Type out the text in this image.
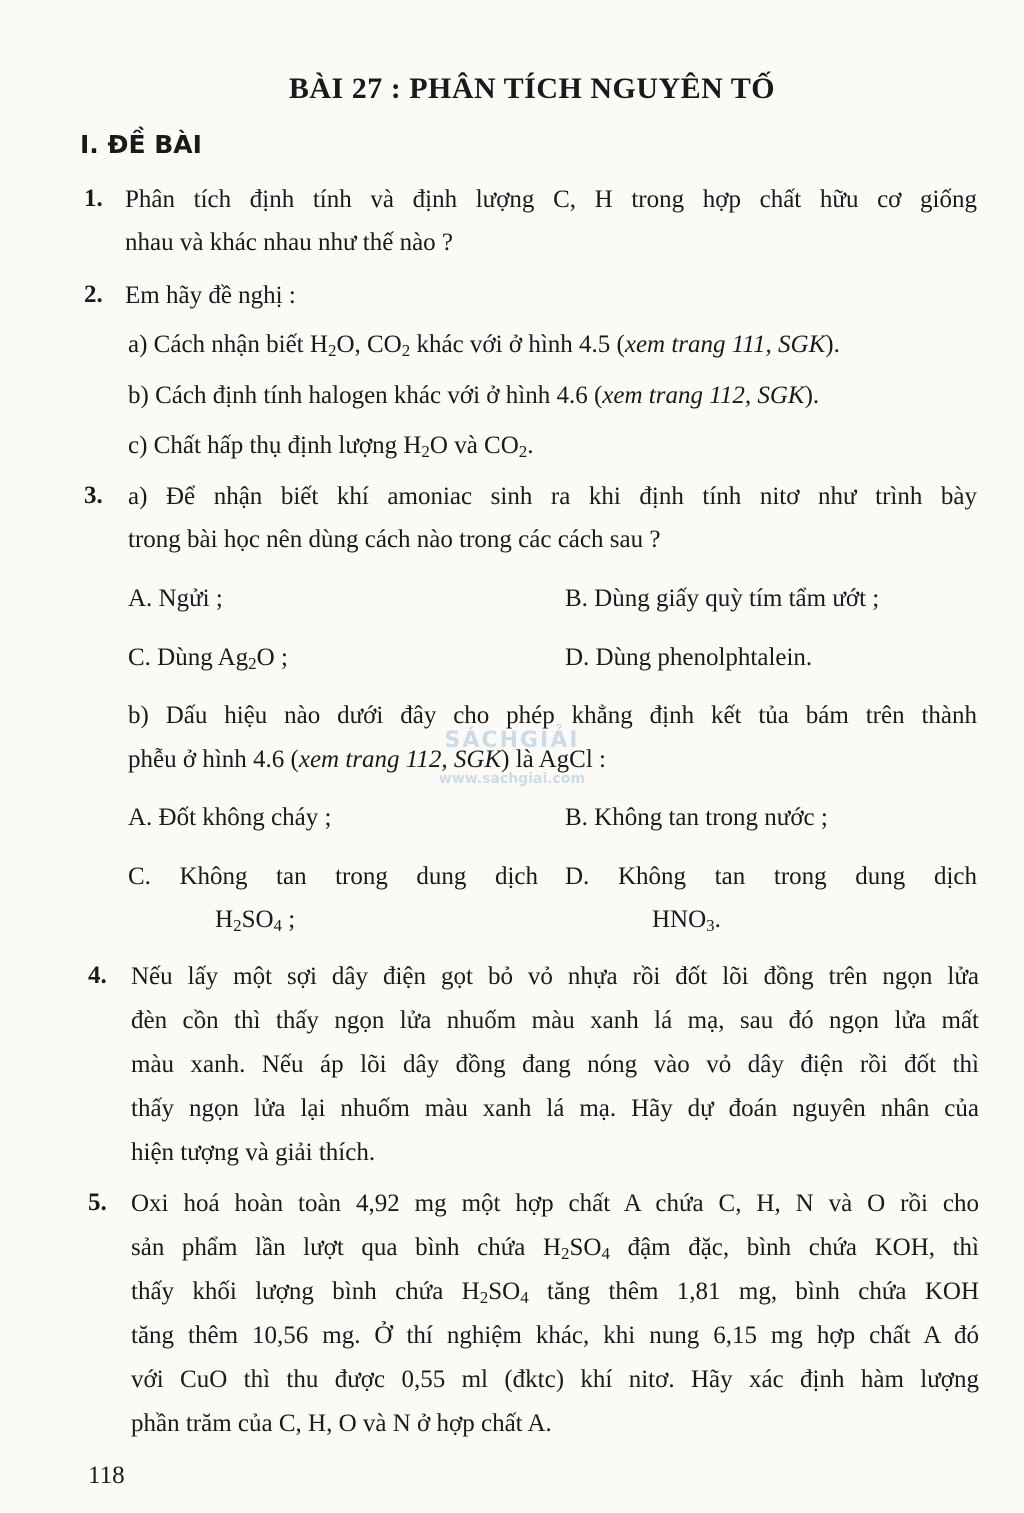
BÀI 27 : PHÂN TÍCH NGUYÊN TỐ
I. ĐỀ BÀI
1. Phân tích định tính và định lượng C, H trong hợp chất hữu cơ giống
nhau và khác nhau như thế nào ?
2. Em hãy đề nghị :
a) Cách nhận biết $H_2O$, $CO_2$ khác với ở hình 4.5 (xem trang 111, SGK).
b) Cách định tính halogen khác với ở hình 4.6 (xem trang 112, SGK).
c) Chất hấp thụ định lượng $H_2O$ và $CO_2$.
3. a) Để nhận biết khí amoniac sinh ra khi định tính nitơ như trình bày
trong bài học nên dùng cách nào trong các cách sau ?
A. Ngửi ;	B. Dùng giấy quỳ tím tẩm ướt ;
C. Dùng $Ag_2O$ ;	D. Dùng phenolphtalein.
b) Dấu hiệu nào dưới đây cho phép khẳng định kết tủa bám trên thành
phễu ở hình 4.6 (xem trang 112, SGK) là AgCl :
A. Đốt không cháy ;	B. Không tan trong nước ;
C. Không tan trong dung dịch
$H_2SO_4$ ;
D. Không tan trong dung dịch
$HNO_3$.
4. Nếu lấy một sợi dây điện gọt bỏ vỏ nhựa rồi đốt lõi đồng trên ngọn lửa
đèn cồn thì thấy ngọn lửa nhuốm màu xanh lá mạ, sau đó ngọn lửa mất
màu xanh. Nếu áp lõi dây đồng đang nóng vào vỏ dây điện rồi đốt thì
thấy ngọn lửa lại nhuốm màu xanh lá mạ. Hãy dự đoán nguyên nhân của
hiện tượng và giải thích.
5. Oxi hoá hoàn toàn 4,92 mg một hợp chất A chứa C, H, N và O rồi cho
sản phẩm lần lượt qua bình chứa $H_2SO_4$ đậm đặc, bình chứa KOH, thì
thấy khối lượng bình chứa $H_2SO_4$ tăng thêm 1,81 mg, bình chứa KOH
tăng thêm 10,56 mg. Ở thí nghiệm khác, khi nung 6,15 mg hợp chất A đó
với CuO thì thu được 0,55 ml (đktc) khí nitơ. Hãy xác định hàm lượng
phần trăm của C, H, O và N ở hợp chất A.
SÁCHGIẢI
www.sachgiai.com
118
